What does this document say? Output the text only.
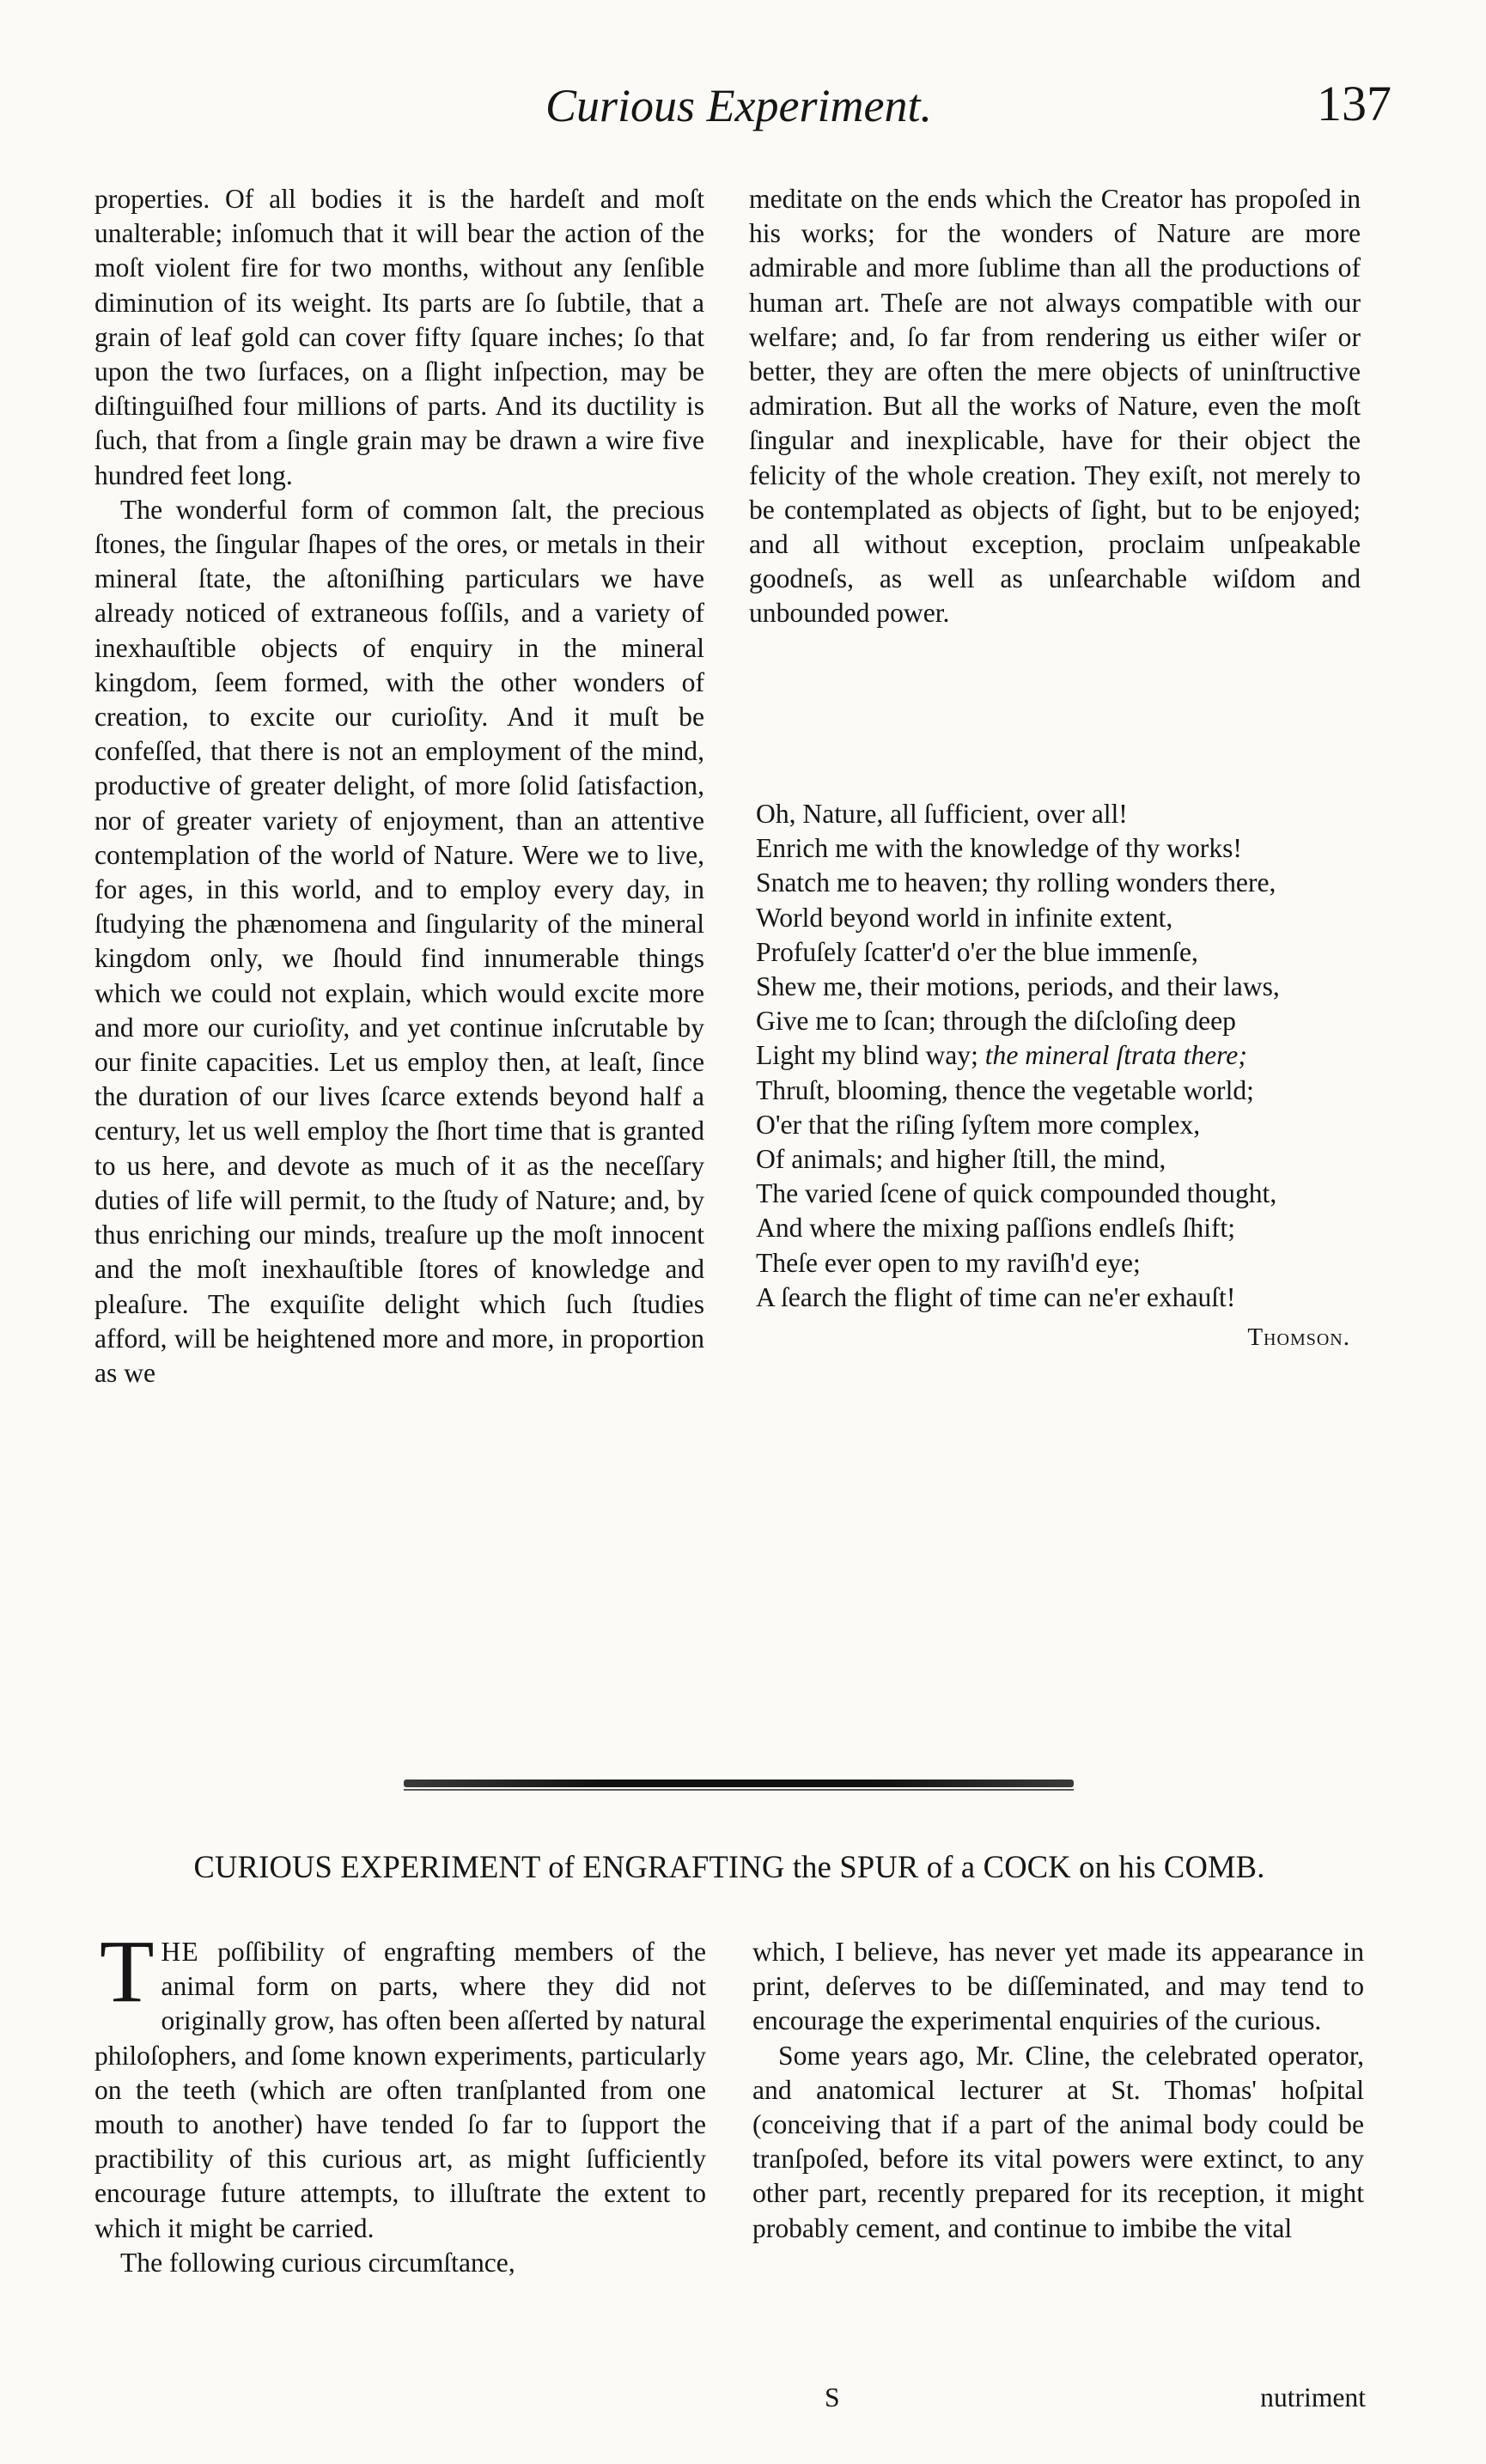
Curious Experiment.	137

properties. Of all bodies it is the hardeſt and moſt unalterable; inſomuch that it will bear the action of the moſt violent fire for two months, without any ſenſible diminution of its weight. Its parts are ſo ſubtile, that a grain of leaf gold can cover fifty ſquare inches; ſo that upon the two ſurfaces, on a ſlight inſpection, may be diſtinguiſhed four millions of parts. And its ductility is ſuch, that from a ſingle grain may be drawn a wire five hundred feet long.

The wonderful form of common ſalt, the precious ſtones, the ſingular ſhapes of the ores, or metals in their mineral ſtate, the aſtoniſhing particulars we have already noticed of extraneous foſſils, and a variety of inexhauſtible objects of enquiry in the mineral kingdom, ſeem formed, with the other wonders of creation, to excite our curioſity. And it muſt be confeſſed, that there is not an employment of the mind, productive of greater delight, of more ſolid ſatisfaction, nor of greater variety of enjoyment, than an attentive contemplation of the world of Nature. Were we to live, for ages, in this world, and to employ every day, in ſtudying the phænomena and ſingularity of the mineral kingdom only, we ſhould find innumerable things which we could not explain, which would excite more and more our curioſity, and yet continue inſcrutable by our finite capacities. Let us employ then, at leaſt, ſince the duration of our lives ſcarce extends beyond half a century, let us well employ the ſhort time that is granted to us here, and devote as much of it as the neceſſary duties of life will permit, to the ſtudy of Nature; and, by thus enriching our minds, treaſure up the moſt innocent and the moſt inexhauſtible ſtores of knowledge and pleaſure. The exquiſite delight which ſuch ſtudies afford, will be heightened more and more, in proportion as we

meditate on the ends which the Creator has propoſed in his works; for the wonders of Nature are more admirable and more ſublime than all the productions of human art. Theſe are not always compatible with our welfare; and, ſo far from rendering us either wiſer or better, they are often the mere objects of uninſtructive admiration. But all the works of Nature, even the moſt ſingular and inexplicable, have for their object the felicity of the whole creation. They exiſt, not merely to be contemplated as objects of ſight, but to be enjoyed; and all without exception, proclaim unſpeakable goodneſs, as well as unſearchable wiſdom and unbounded power.

Oh, Nature, all ſufficient, over all!
Enrich me with the knowledge of thy works!
Snatch me to heaven; thy rolling wonders there,
World beyond world in infinite extent,
Profuſely ſcatter'd o'er the blue immenſe,
Shew me, their motions, periods, and their laws,
Give me to ſcan; through the diſcloſing deep
Light my blind way; the mineral ſtrata there;
Thruſt, blooming, thence the vegetable world;
O'er that the riſing ſyſtem more complex,
Of animals; and higher ſtill, the mind,
The varied ſcene of quick compounded thought,
And where the mixing paſſions endleſs ſhift;
Theſe ever open to my raviſh'd eye;
A ſearch the flight of time can ne'er exhauſt!
Thomson.
CURIOUS EXPERIMENT of ENGRAFTING the SPUR of a COCK on his COMB.

THE poſſibility of engrafting members of the animal form on parts, where they did not originally grow, has often been aſſerted by natural philoſophers, and ſome known experiments, particularly on the teeth (which are often tranſplanted from one mouth to another) have tended ſo far to ſupport the practibility of this curious art, as might ſufficiently encourage future attempts, to illuſtrate the extent to which it might be carried.

The following curious circumſtance,

which, I believe, has never yet made its appearance in print, deſerves to be diſſeminated, and may tend to encourage the experimental enquiries of the curious.

Some years ago, Mr. Cline, the celebrated operator, and anatomical lecturer at St. Thomas' hoſpital (conceiving that if a part of the animal body could be tranſpoſed, before its vital powers were extinct, to any other part, recently prepared for its reception, it might probably cement, and continue to imbibe the vital

S	nutriment
